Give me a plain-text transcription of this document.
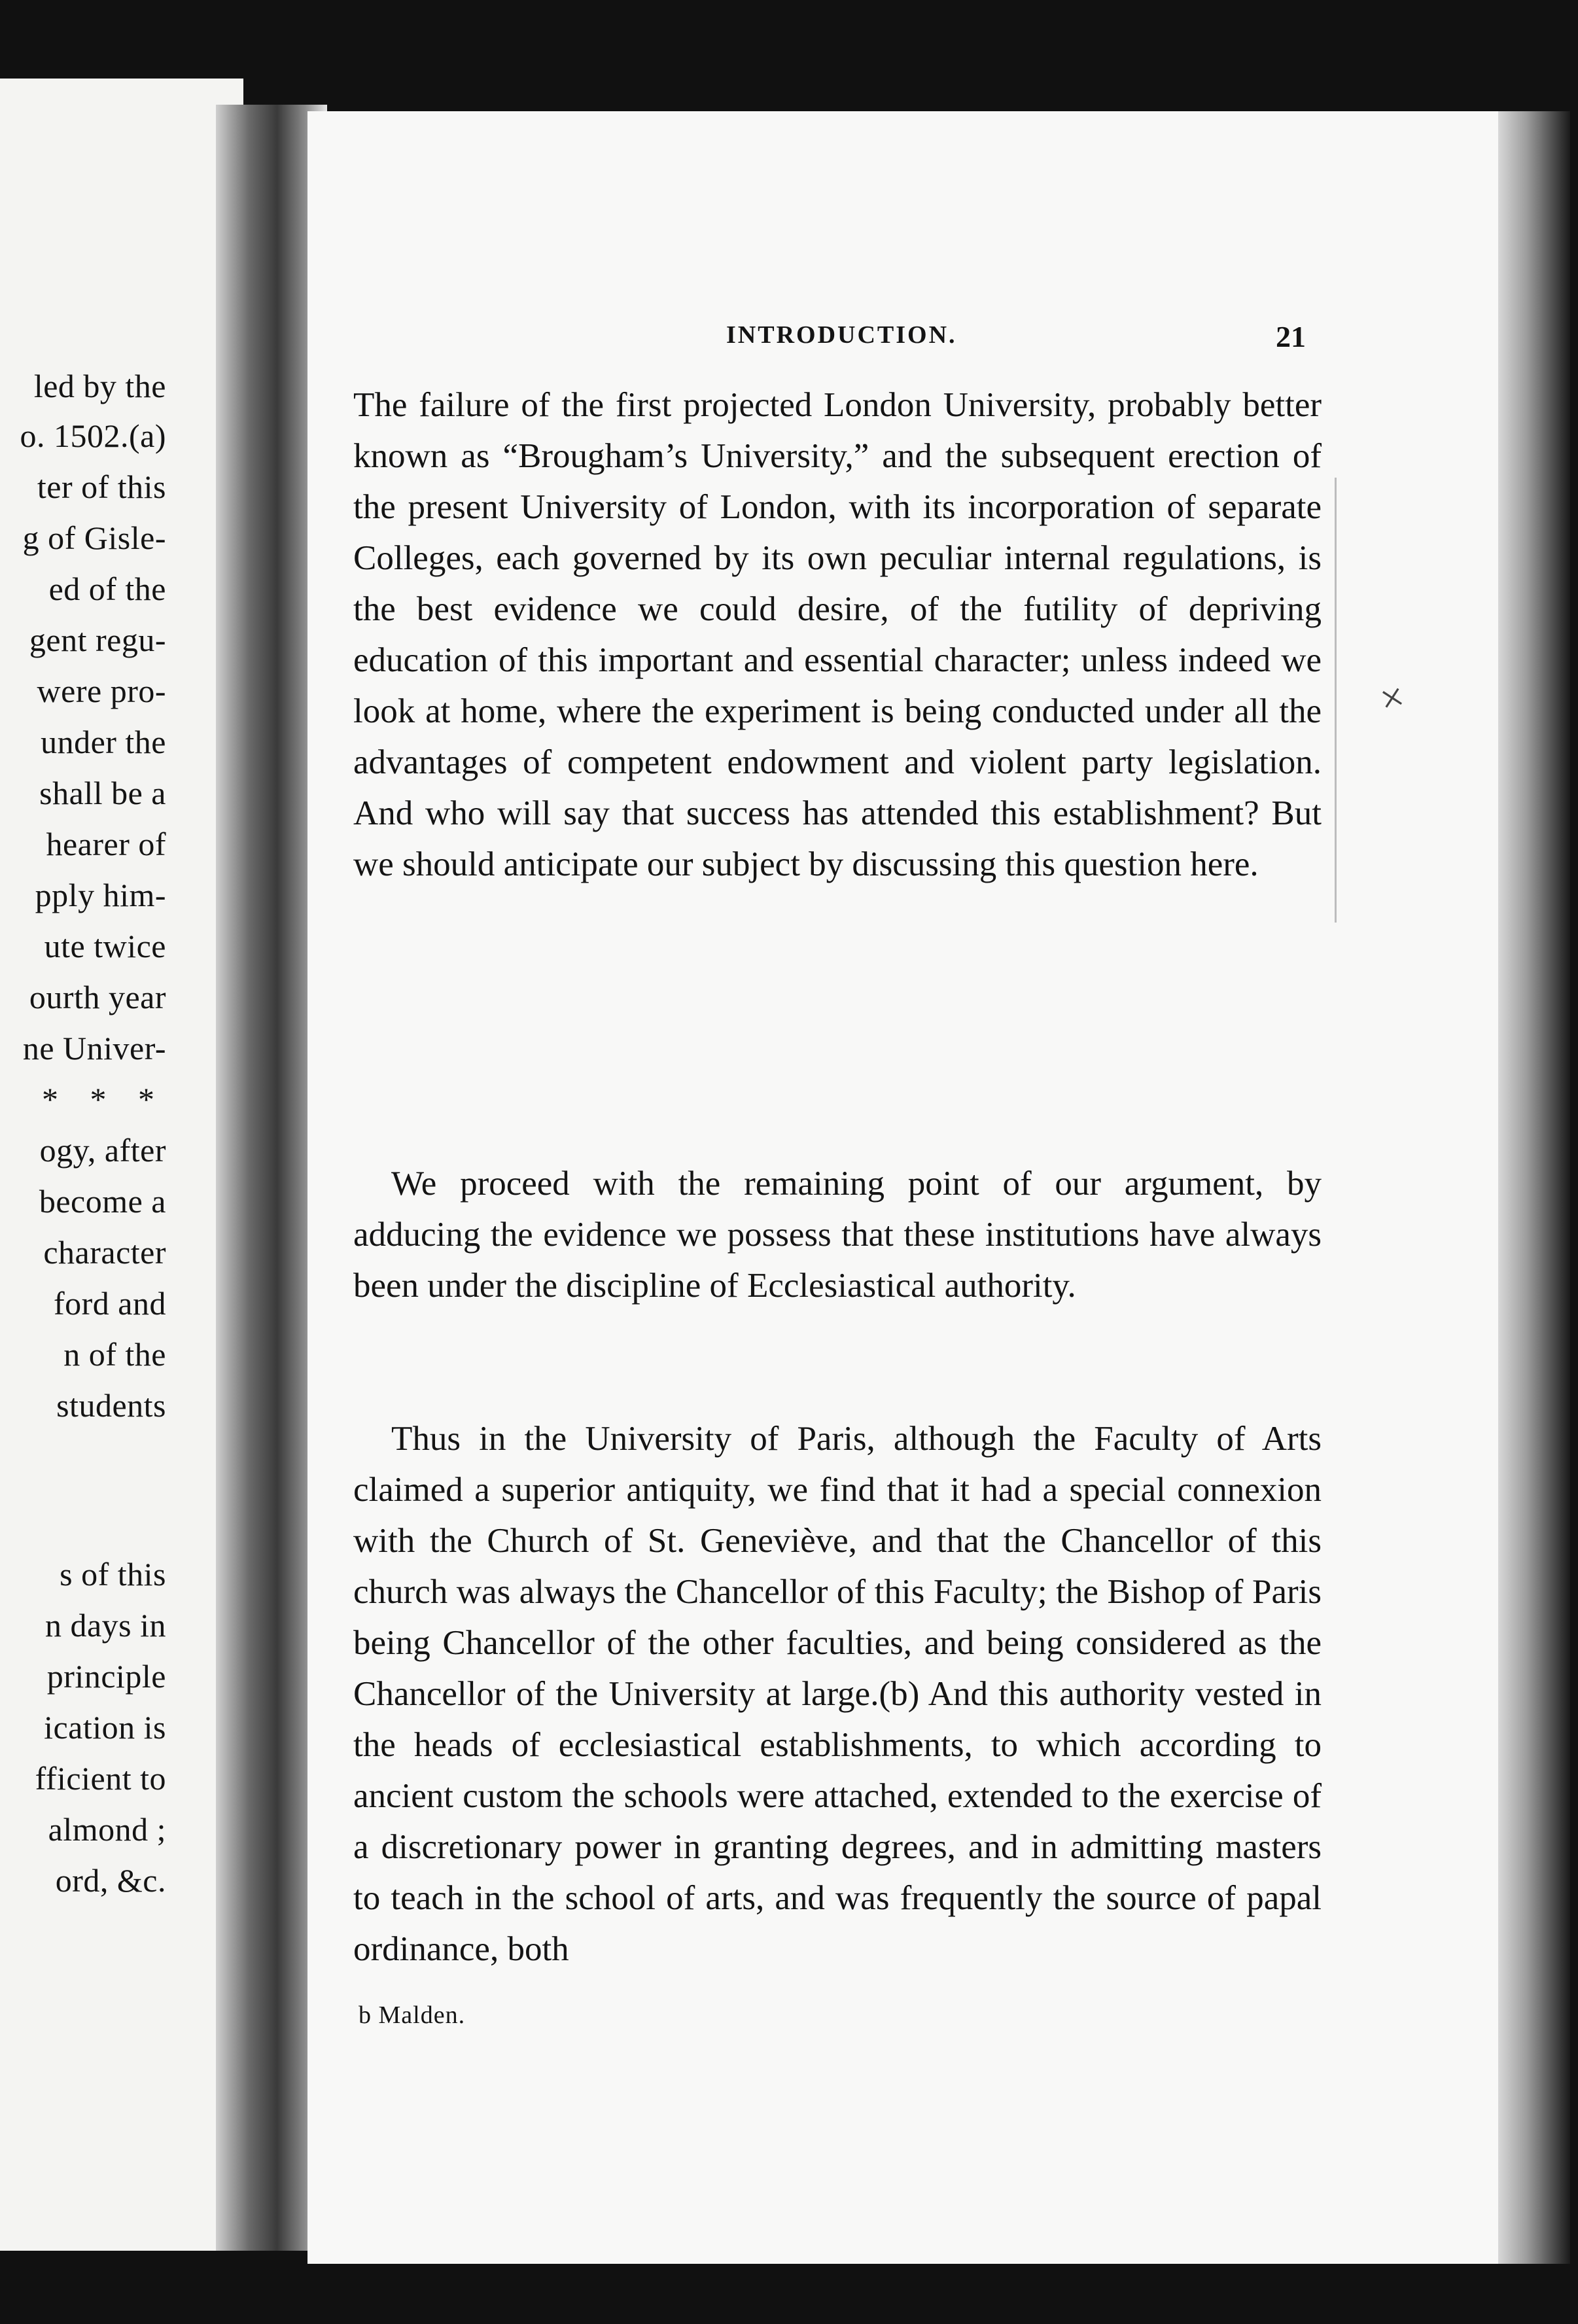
led by the
o. 1502.(a)
ter of this
g of Gisle-
ed of the
gent regu-
were pro-
under the
shall be a
hearer of
pply him-
ute twice
ourth year
ne Univer-
* * *
ogy, after
become a
character
ford and
n of the
students
s of this
n days in
principle
ication is
fficient to
almond ;
ord, &c.
INTRODUCTION.	21
The failure of the first projected London University, probably better known as “Brougham’s University,” and the subsequent erection of the present University of London, with its incorporation of separate Colleges, each governed by its own peculiar internal regulations, is the best evidence we could desire, of the futility of depriving education of this important and essential character; unless indeed we look at home, where the experiment is being conducted under all the advantages of competent endowment and violent party legislation. And who will say that success has attended this establishment? But we should anticipate our subject by discussing this question here.
We proceed with the remaining point of our argument, by adducing the evidence we possess that these institutions have always been under the discipline of Ecclesiastical authority.
Thus in the University of Paris, although the Faculty of Arts claimed a superior antiquity, we find that it had a special connexion with the Church of St. Geneviève, and that the Chancellor of this church was always the Chancellor of this Faculty; the Bishop of Paris being Chancellor of the other faculties, and being considered as the Chancellor of the University at large.(b) And this authority vested in the heads of ecclesiastical establishments, to which according to ancient custom the schools were attached, extended to the exercise of a discretionary power in granting degrees, and in admitting masters to teach in the school of arts, and was frequently the source of papal ordinance, both
b Malden.
×
